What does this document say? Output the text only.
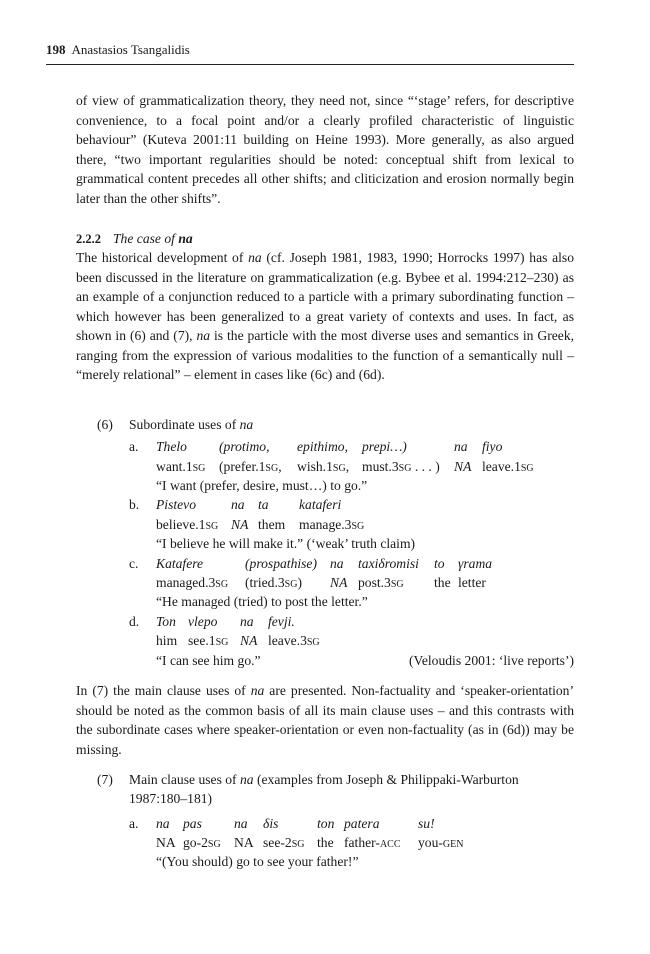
198 Anastasios Tsangalidis

of view of grammaticalization theory, they need not, since “‘stage’ refers, for descriptive convenience, to a focal point and/or a clearly profiled characteristic of linguistic behaviour” (Kuteva 2001:11 building on Heine 1993). More generally, as also argued there, “two important regularities should be noted: conceptual shift from lexical to grammatical content precedes all other shifts; and cliticization and erosion normally begin later than the other shifts”.

2.2.2 The case of na

The historical development of na (cf. Joseph 1981, 1983, 1990; Horrocks 1997) has also been discussed in the literature on grammaticalization (e.g. Bybee et al. 1994:212–230) as an example of a conjunction reduced to a particle with a primary subordinating function – which however has been generalized to a great variety of contexts and uses. In fact, as shown in (6) and (7), na is the particle with the most diverse uses and semantics in Greek, ranging from the expression of various modalities to the function of a semantically null – “merely relational” – element in cases like (6c) and (6d).

(6) Subordinate uses of na
a. Thelo (protimo, epithimo, prepi…)	na fiyo
want.1sg (prefer.1sg, wish.1sg, must.3sg . . . ) NA leave.1sg
“I want (prefer, desire, must…) to go.”
b. Pistevo	na ta kataferi
believe.1sg NA them manage.3sg
“I believe he will make it.” (‘weak’ truth claim)
c. Katafere	(prospathise) na taxiδromisi to γrama
managed.3sg (tried.3sg) NA post.3sg the letter
“He managed (tried) to post the letter.”
d. Ton vlepo na fevji.
him see.1sg NA leave.3sg
“I can see him go.”	(Veloudis 2001: ‘live reports’)

In (7) the main clause uses of na are presented. Non-factuality and ‘speaker-orientation’ should be noted as the common basis of all its main clause uses – and this contrasts with the subordinate cases where speaker-orientation or even non-factuality (as in (6d)) may be missing.

(7) Main clause uses of na (examples from Joseph & Philippaki-Warburton
1987:180–181)
a. na pas na δis	ton patera	su!
NA go-2sg NA see-2sg the father-acc you-gen
“(You should) go to see your father!”
